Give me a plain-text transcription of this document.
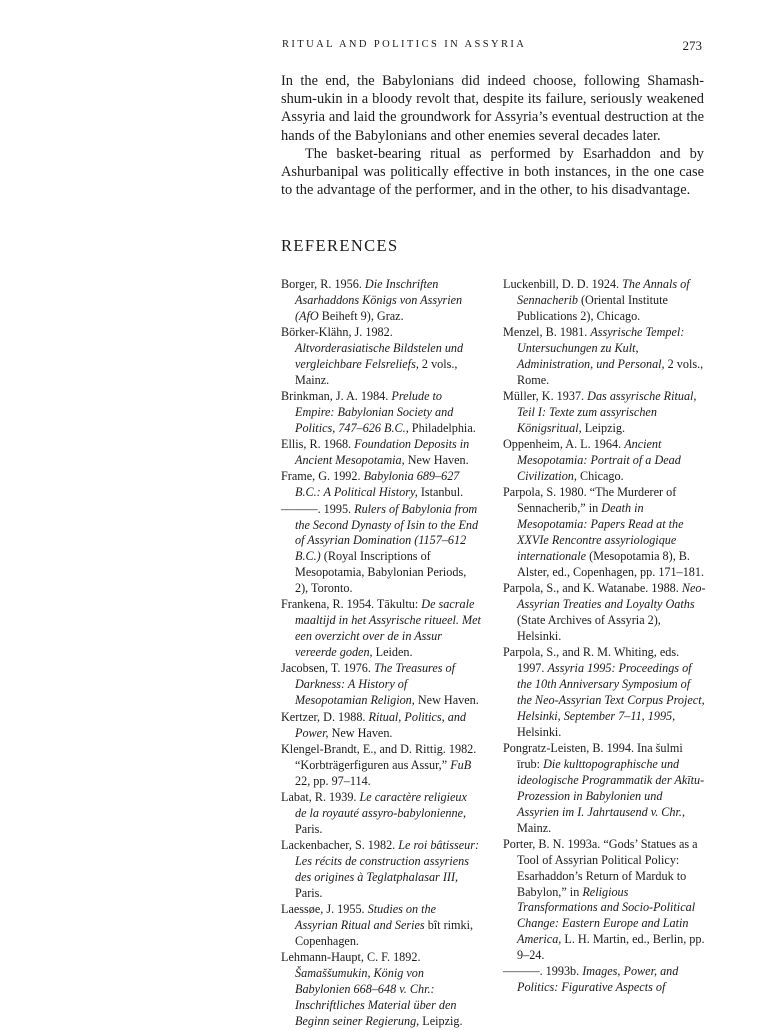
RITUAL AND POLITICS IN ASSYRIA	273

In the end, the Babylonians did indeed choose, following Shamash-shum-ukin in a bloody revolt that, despite its failure, seriously weakened Assyria and laid the groundwork for Assyria’s eventual destruction at the hands of the Babylonians and other enemies several decades later.

The basket-bearing ritual as performed by Esarhaddon and by Ashurbanipal was politically effective in both instances, in the one case to the advantage of the performer, and in the other, to his disadvantage.

REFERENCES

Borger, R. 1956. Die Inschriften Asarhaddons Königs von Assyrien (AfO Beiheft 9), Graz.

Börker-Klähn, J. 1982. Altvorderasiatische Bildstelen und vergleichbare Felsreliefs, 2 vols., Mainz.

Brinkman, J. A. 1984. Prelude to Empire: Babylonian Society and Politics, 747–626 B.C., Philadelphia.

Ellis, R. 1968. Foundation Deposits in Ancient Mesopotamia, New Haven.

Frame, G. 1992. Babylonia 689–627 B.C.: A Political History, Istanbul.

———. 1995. Rulers of Babylonia from the Second Dynasty of Isin to the End of Assyrian Domination (1157–612 B.C.) (Royal Inscriptions of Mesopotamia, Babylonian Periods, 2), Toronto.

Frankena, R. 1954. Tākultu: De sacrale maaltijd in het Assyrische ritueel. Met een overzicht over de in Assur vereerde goden, Leiden.

Jacobsen, T. 1976. The Treasures of Darkness: A History of Mesopotamian Religion, New Haven.

Kertzer, D. 1988. Ritual, Politics, and Power, New Haven.

Klengel-Brandt, E., and D. Rittig. 1982. “Korbträgerfiguren aus Assur,” FuB 22, pp. 97–114.

Labat, R. 1939. Le caractère religieux de la royauté assyro-babylonienne, Paris.

Lackenbacher, S. 1982. Le roi bâtisseur: Les récits de construction assyriens des origines à Teglatphalasar III, Paris.

Laessøe, J. 1955. Studies on the Assyrian Ritual and Series bît rimki, Copenhagen.

Lehmann-Haupt, C. F. 1892. Šamaššumukin, König von Babylonien 668–648 v. Chr.: Inschriftliches Material über den Beginn seiner Regierung, Leipzig.

Luckenbill, D. D. 1924. The Annals of Sennacherib (Oriental Institute Publications 2), Chicago.

Menzel, B. 1981. Assyrische Tempel: Untersuchungen zu Kult, Administration, und Personal, 2 vols., Rome.

Müller, K. 1937. Das assyrische Ritual, Teil I: Texte zum assyrischen Königsritual, Leipzig.

Oppenheim, A. L. 1964. Ancient Mesopotamia: Portrait of a Dead Civilization, Chicago.

Parpola, S. 1980. “The Murderer of Sennacherib,” in Death in Mesopotamia: Papers Read at the XXVIe Rencontre assyriologique internationale (Mesopotamia 8), B. Alster, ed., Copenhagen, pp. 171–181.

Parpola, S., and K. Watanabe. 1988. Neo-Assyrian Treaties and Loyalty Oaths (State Archives of Assyria 2), Helsinki.

Parpola, S., and R. M. Whiting, eds. 1997. Assyria 1995: Proceedings of the 10th Anniversary Symposium of the Neo-Assyrian Text Corpus Project, Helsinki, September 7–11, 1995, Helsinki.

Pongratz-Leisten, B. 1994. Ina šulmi īrub: Die kulttopographische und ideologische Programmatik der Akītu-Prozession in Babylonien und Assyrien im I. Jahrtausend v. Chr., Mainz.

Porter, B. N. 1993a. “Gods’ Statues as a Tool of Assyrian Political Policy: Esarhaddon’s Return of Marduk to Babylon,” in Religious Transformations and Socio-Political Change: Eastern Europe and Latin America, L. H. Martin, ed., Berlin, pp. 9–24.

———. 1993b. Images, Power, and Politics: Figurative Aspects of
